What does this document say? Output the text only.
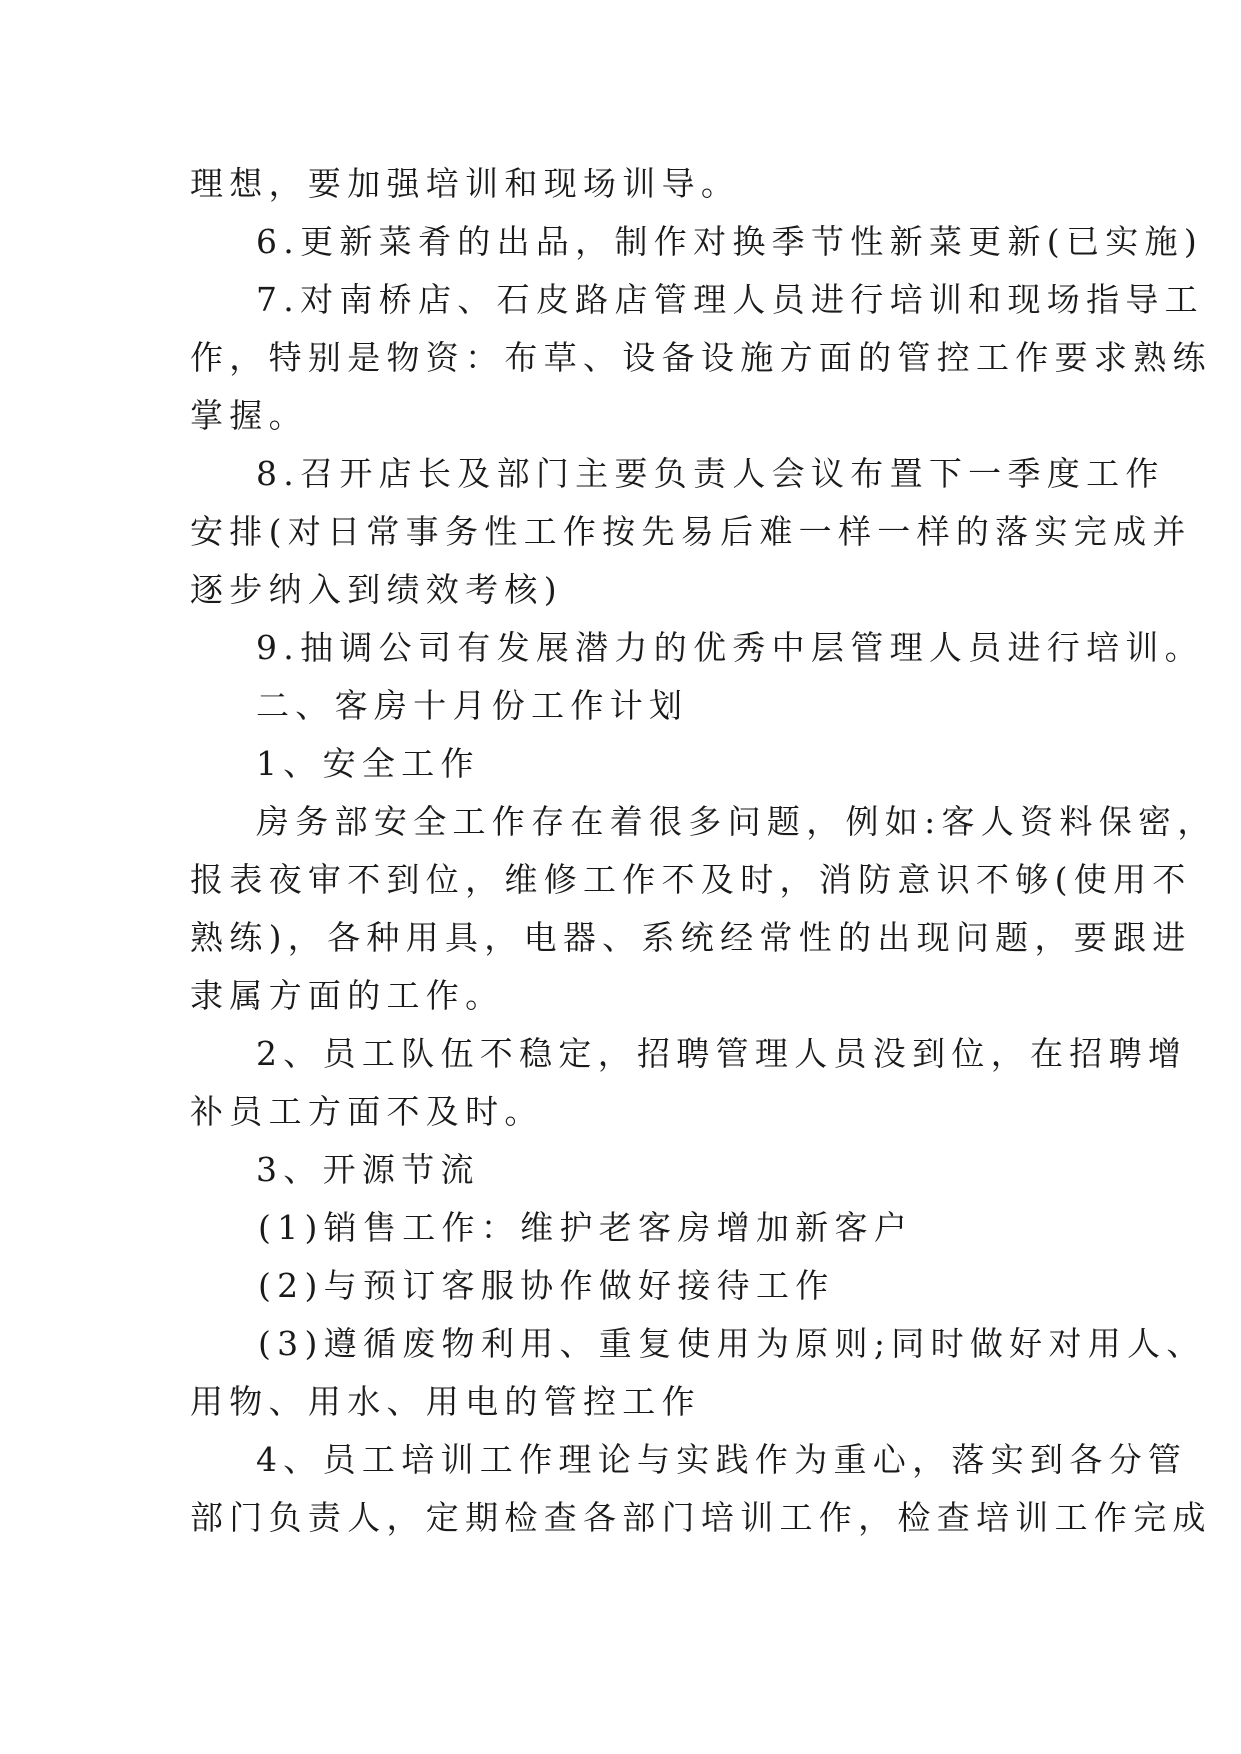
理想，要加强培训和现场训导。
6.更新菜肴的出品，制作对换季节性新菜更新(已实施)
7.对南桥店、石皮路店管理人员进行培训和现场指导工
作，特别是物资：布草、设备设施方面的管控工作要求熟练
掌握。
8.召开店长及部门主要负责人会议布置下一季度工作
安排(对日常事务性工作按先易后难一样一样的落实完成并
逐步纳入到绩效考核)
9.抽调公司有发展潜力的优秀中层管理人员进行培训。
二、客房十月份工作计划
1、安全工作
房务部安全工作存在着很多问题，例如:客人资料保密，
报表夜审不到位，维修工作不及时，消防意识不够(使用不
熟练)，各种用具，电器、系统经常性的出现问题，要跟进
隶属方面的工作。
2、员工队伍不稳定，招聘管理人员没到位，在招聘增
补员工方面不及时。
3、开源节流
(1)销售工作：维护老客房增加新客户
(2)与预订客服协作做好接待工作
(3)遵循废物利用、重复使用为原则;同时做好对用人、
用物、用水、用电的管控工作
4、员工培训工作理论与实践作为重心，落实到各分管
部门负责人，定期检查各部门培训工作，检查培训工作完成
